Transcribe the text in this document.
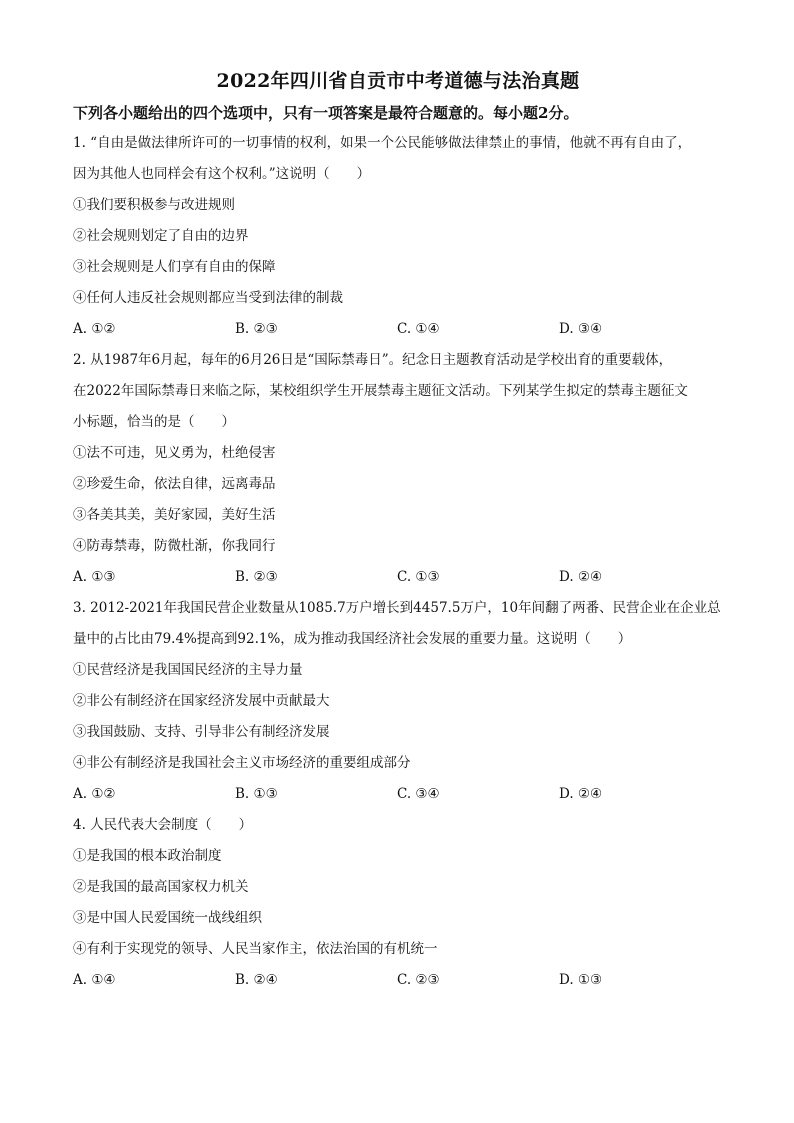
2022年四川省自贡市中考道德与法治真题

下列各小题给出的四个选项中，只有一项答案是最符合题意的。每小题2分。

1. “自由是做法律所许可的一切事情的权利，如果一个公民能够做法律禁止的事情，他就不再有自由了，

因为其他人也同样会有这个权利。”这说明（　　）

①我们要积极参与改进规则

②社会规则划定了自由的边界

③社会规则是人们享有自由的保障

④任何人违反社会规则都应当受到法律的制裁

A. ①②	B. ②③	C. ①④	D. ③④

2. 从1987年6月起，每年的6月26日是“国际禁毒日”。纪念日主题教育活动是学校出育的重要载体，

在2022年国际禁毒日来临之际，某校组织学生开展禁毒主题征文活动。下列某学生拟定的禁毒主题征文

小标题，恰当的是（　　）

①法不可违，见义勇为，杜绝侵害

②珍爱生命，依法自律，远离毒品

③各美其美，美好家园，美好生活

④防毒禁毒，防微杜渐，你我同行

A. ①③	B. ②③	C. ①③	D. ②④

3. 2012-2021年我国民营企业数量从1085.7万户增长到4457.5万户，10年间翻了两番、民营企业在企业总

量中的占比由79.4%提高到92.1%，成为推动我国经济社会发展的重要力量。这说明（　　）

①民营经济是我国国民经济的主导力量

②非公有制经济在国家经济发展中贡献最大

③我国鼓励、支持、引导非公有制经济发展

④非公有制经济是我国社会主义市场经济的重要组成部分

A. ①②	B. ①③	C. ③④	D. ②④

4. 人民代表大会制度（　　）

①是我国的根本政治制度

②是我国的最高国家权力机关

③是中国人民爱国统一战线组织

④有利于实现党的领导、人民当家作主，依法治国的有机统一

A. ①④	B. ②④	C. ②③	D. ①③
